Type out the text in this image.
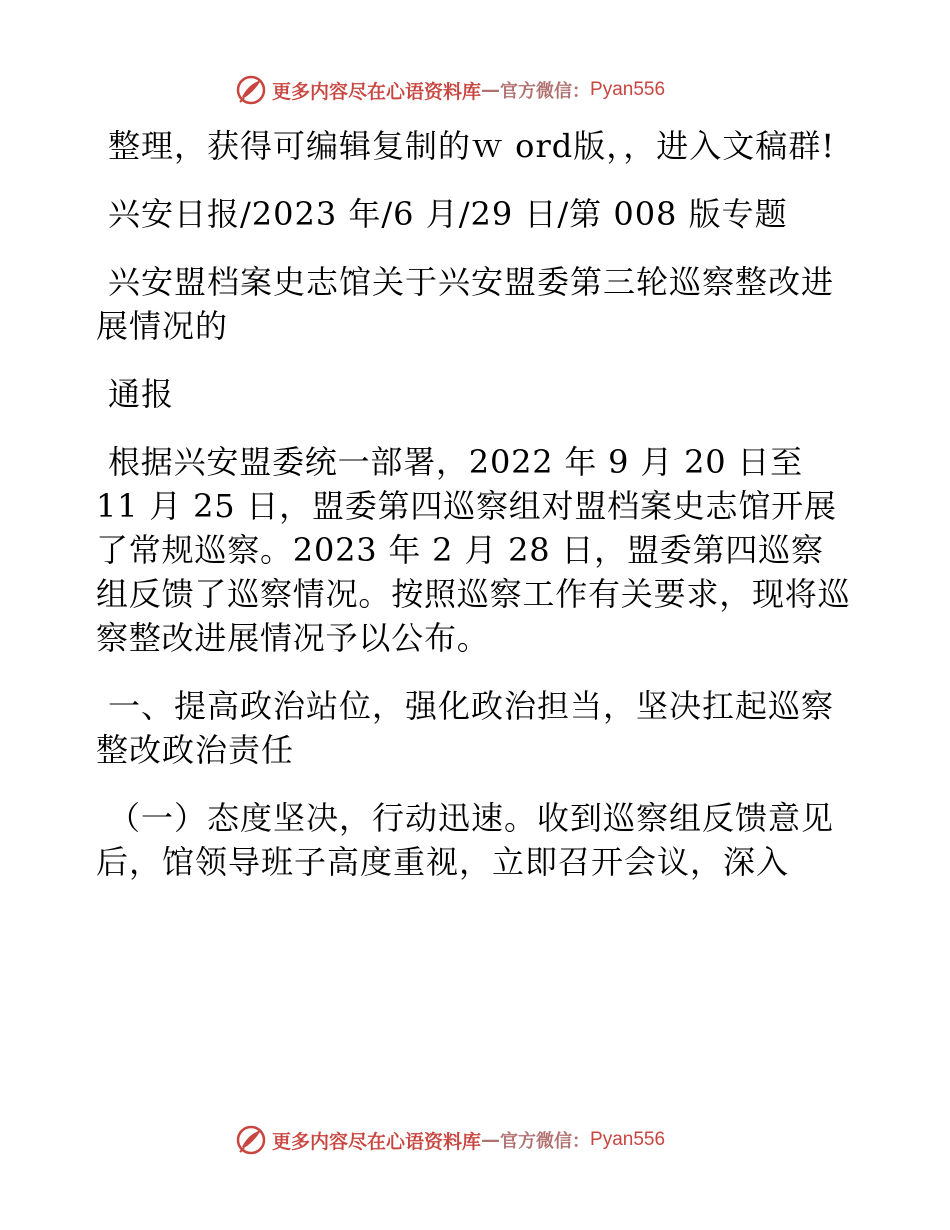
更多内容尽在心语资料库 — 官方微信： Pyan556

整理，获得可编辑复制的ｗ ord版，，进入文稿群!

兴安日报/2023 年/6 月/29 日/第 008 版专题

兴安盟档案史志馆关于兴安盟委第三轮巡察整改进展情况的

通报

根据兴安盟委统一部署，2022 年 9 月 20 日至 11 月 25 日，盟委第四巡察组对盟档案史志馆开展了常规巡察。2023 年 2 月 28 日，盟委第四巡察组反馈了巡察情况。按照巡察工作有关要求，现将巡察整改进展情况予以公布。

一、提高政治站位，强化政治担当，坚决扛起巡察整改政治责任

（一）态度坚决，行动迅速。收到巡察组反馈意见后，馆领导班子高度重视，立即召开会议，深入

更多内容尽在心语资料库 — 官方微信： Pyan556
